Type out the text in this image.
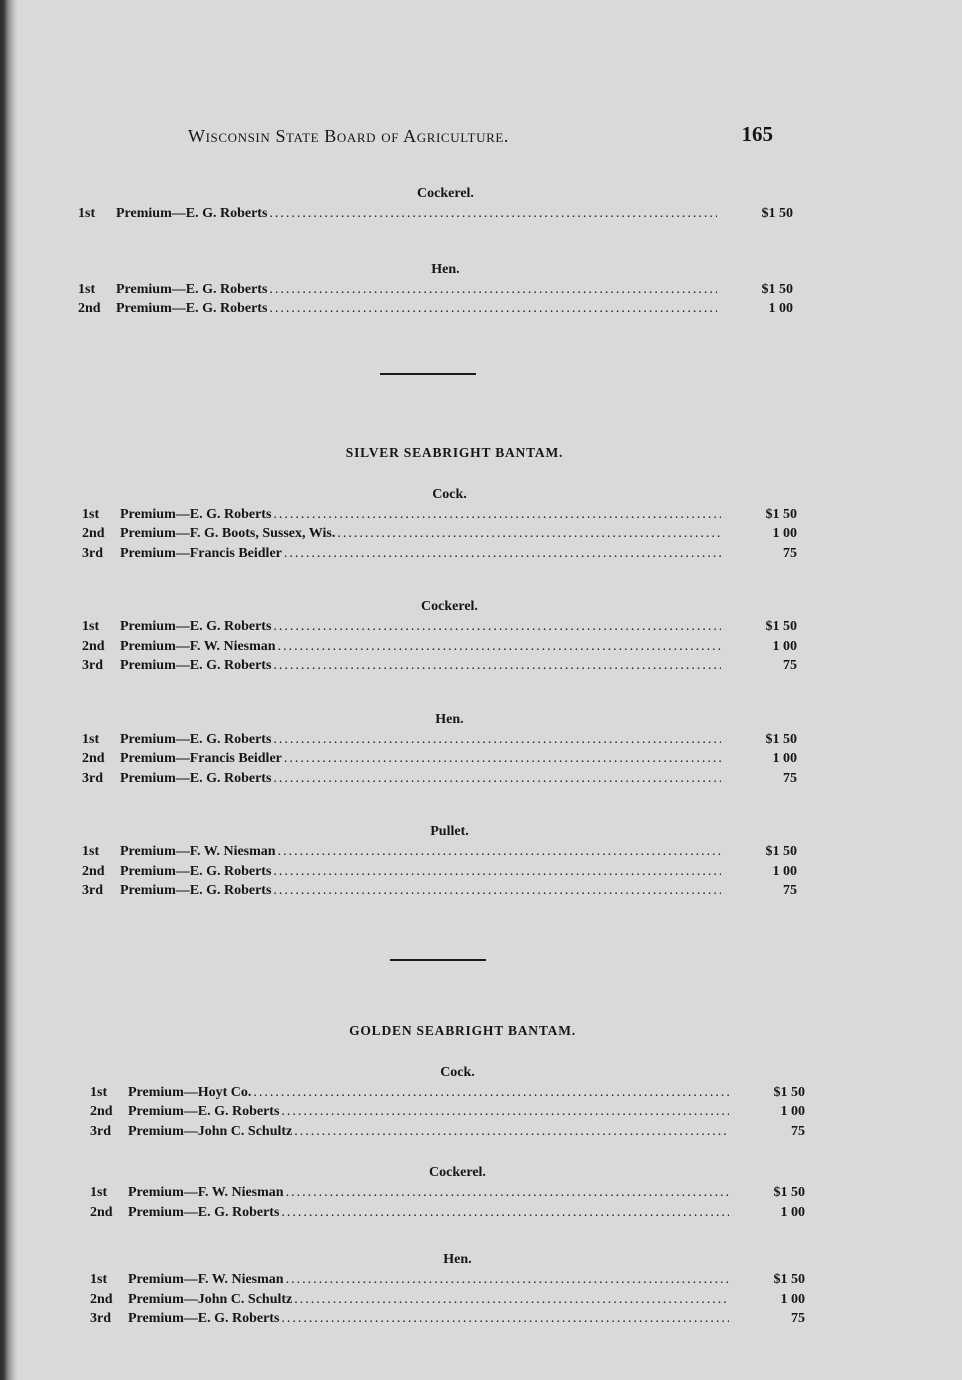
Wisconsin State Board of Agriculture.	165
Cockerel.
1st	Premium—E. G. Roberts .....	$1 50
Hen.
1st	Premium—E. G. Roberts .....	$1 50
2nd	Premium—E. G. Roberts .....	1 00
SILVER SEABRIGHT BANTAM.
Cock.
1st	Premium—E. G. Roberts .....	$1 50
2nd	Premium—F. G. Boots, Sussex, Wis. .....	1 00
3rd	Premium—Francis Beidler .....	75
Cockerel.
1st	Premium—E. G. Roberts .....	$1 50
2nd	Premium—F. W. Niesman .....	1 00
3rd	Premium—E. G. Roberts .....	75
Hen.
1st	Premium—E. G. Roberts .....	$1 50
2nd	Premium—Francis Beidler .....	1 00
3rd	Premium—E. G. Roberts .....	75
Pullet.
1st	Premium—F. W. Niesman .....	$1 50
2nd	Premium—E. G. Roberts .....	1 00
3rd	Premium—E. G. Roberts .....	75
GOLDEN SEABRIGHT BANTAM.
Cock.
1st	Premium—Hoyt Co. .....	$1 50
2nd	Premium—E. G. Roberts .....	1 00
3rd	Premium—John C. Schultz .....	75
Cockerel.
1st	Premium—F. W. Niesman .....	$1 50
2nd	Premium—E. G. Roberts .....	1 00
Hen.
1st	Premium—F. W. Niesman .....	$1 50
2nd	Premium—John C. Schultz .....	1 00
3rd	Premium—E. G. Roberts .....	75
